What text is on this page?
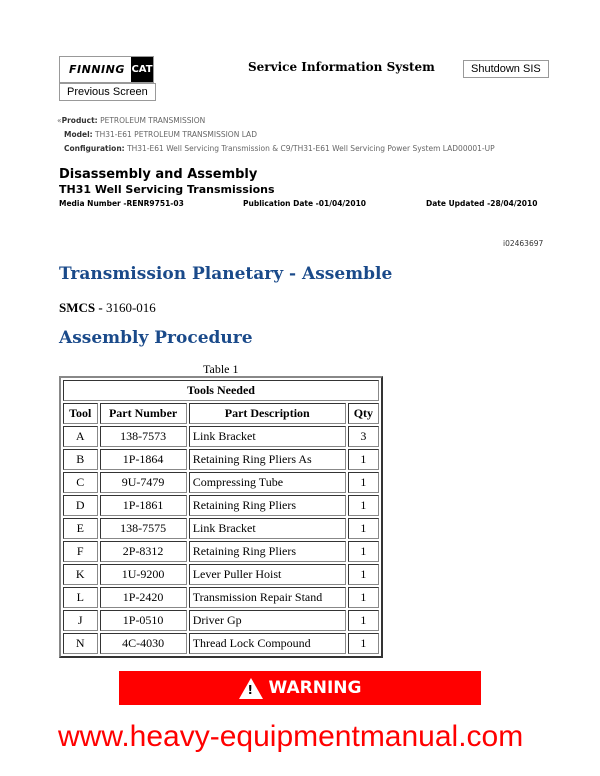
FINNING CAT	Service Information System	Shutdown SIS
Previous Screen
«Product: PETROLEUM TRANSMISSION
Model: TH31-E61 PETROLEUM TRANSMISSION LAD
Configuration: TH31-E61 Well Servicing Transmission & C9/TH31-E61 Well Servicing Power System LAD00001-UP
Disassembly and Assembly
TH31 Well Servicing Transmissions
Media Number -RENR9751-03	Publication Date -01/04/2010	Date Updated -28/04/2010
i02463697
Transmission Planetary - Assemble
SMCS - 3160-016
Assembly Procedure
Table 1
Tools Needed			
Tool	Part Number	Part Description	Qty
A	138-7573	Link Bracket	3
B	1P-1864	Retaining Ring Pliers As	1
C	9U-7479	Compressing Tube	1
D	1P-1861	Retaining Ring Pliers	1
E	138-7575	Link Bracket	1
F	2P-8312	Retaining Ring Pliers	1
K	1U-9200	Lever Puller Hoist	1
L	1P-2420	Transmission Repair Stand	1
J	1P-0510	Driver Gp	1
N	4C-4030	Thread Lock Compound	1
! WARNING
www.heavy-equipmentmanual.com
